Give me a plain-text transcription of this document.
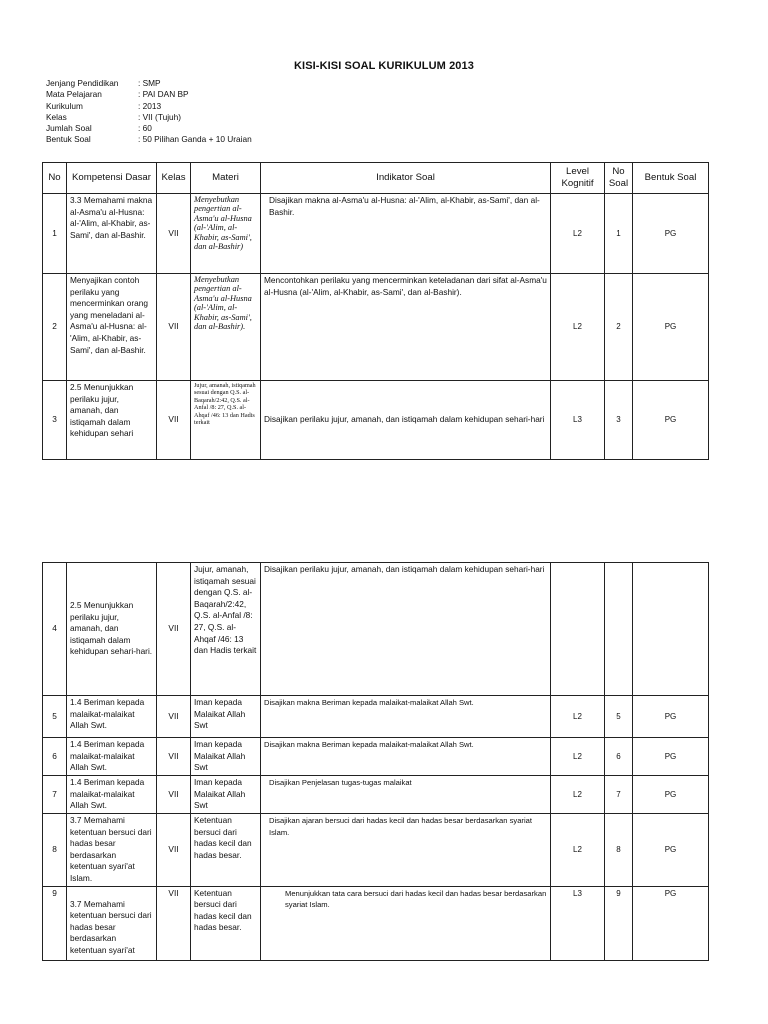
KISI-KISI SOAL KURIKULUM 2013
Jenjang Pendidikan	: SMP
Mata Pelajaran	: PAI DAN BP
Kurikulum	: 2013
Kelas	: VII (Tujuh)
Jumlah Soal	: 60
Bentuk Soal	: 50 Pilihan Ganda + 10 Uraian
No	Kompetensi Dasar	Kelas	Materi	Indikator Soal	Level Kognitif	No Soal	Bentuk Soal
1	3.3 Memahami makna al-Asma'u al-Husna: al-'Alim, al-Khabir, as-Sami', dan al-Bashir.	VII	Menyebutkan pengertian al-Asma'u al-Husna (al-'Alim, al-Khabir, as-Sami', dan al-Bashir)	Disajikan makna al-Asma'u al-Husna: al-'Alim, al-Khabir, as-Sami', dan al-Bashir.	L2	1	PG
2	Menyajikan contoh perilaku yang mencerminkan orang yang meneladani al-Asma'u al-Husna: al-'Alim, al-Khabir, as-Sami', dan al-Bashir.	VII	Menyebutkan pengertian al-Asma'u al-Husna (al-'Alim, al-Khabir, as-Sami', dan al-Bashir).	Mencontohkan perilaku yang mencerminkan keteladanan dari sifat al-Asma'u al-Husna (al-'Alim, al-Khabir, as-Sami', dan al-Bashir).	L2	2	PG
3	2.5 Menunjukkan perilaku jujur, amanah, dan istiqamah dalam kehidupan sehari	VII	Jujur, amanah, istiqamah sesuai dengan Q.S. al-Baqarah/2:42, Q.S. al-Anfal /8: 27, Q.S. al-Ahqaf /46: 13 dan Hadis terkait	Disajikan perilaku jujur, amanah, dan istiqamah dalam kehidupan sehari-hari	L3	3	PG
4	2.5 Menunjukkan perilaku jujur, amanah, dan istiqamah dalam kehidupan sehari-hari.	VII	Jujur, amanah, istiqamah sesuai dengan Q.S. al-Baqarah/2:42, Q.S. al-Anfal /8: 27, Q.S. al-Ahqaf /46: 13 dan Hadis terkait	Disajikan perilaku jujur, amanah, dan istiqamah dalam kehidupan sehari-hari			
5	1.4 Beriman kepada malaikat-malaikat Allah Swt.	VII	Iman kepada Malaikat Allah Swt	Disajikan makna Beriman kepada malaikat-malaikat Allah Swt.	L2	5	PG
6	1.4 Beriman kepada malaikat-malaikat Allah Swt.	VII	Iman kepada Malaikat Allah Swt	Disajikan makna Beriman kepada malaikat-malaikat Allah Swt.	L2	6	PG
7	1.4 Beriman kepada malaikat-malaikat Allah Swt.	VII	Iman kepada Malaikat Allah Swt	Disajikan Penjelasan tugas-tugas malaikat	L2	7	PG
8	3.7 Memahami ketentuan bersuci dari hadas besar berdasarkan ketentuan syari'at Islam.	VII	Ketentuan bersuci dari hadas kecil dan hadas besar.	Disajikan ajaran bersuci dari hadas kecil dan hadas besar berdasarkan syariat Islam.	L2	8	PG
9	3.7 Memahami ketentuan bersuci dari hadas besar berdasarkan ketentuan syari'at	VII	Ketentuan bersuci dari hadas kecil dan hadas besar.	Menunjukkan tata cara bersuci dari hadas kecil dan hadas besar berdasarkan syariat Islam.	L3	9	PG
